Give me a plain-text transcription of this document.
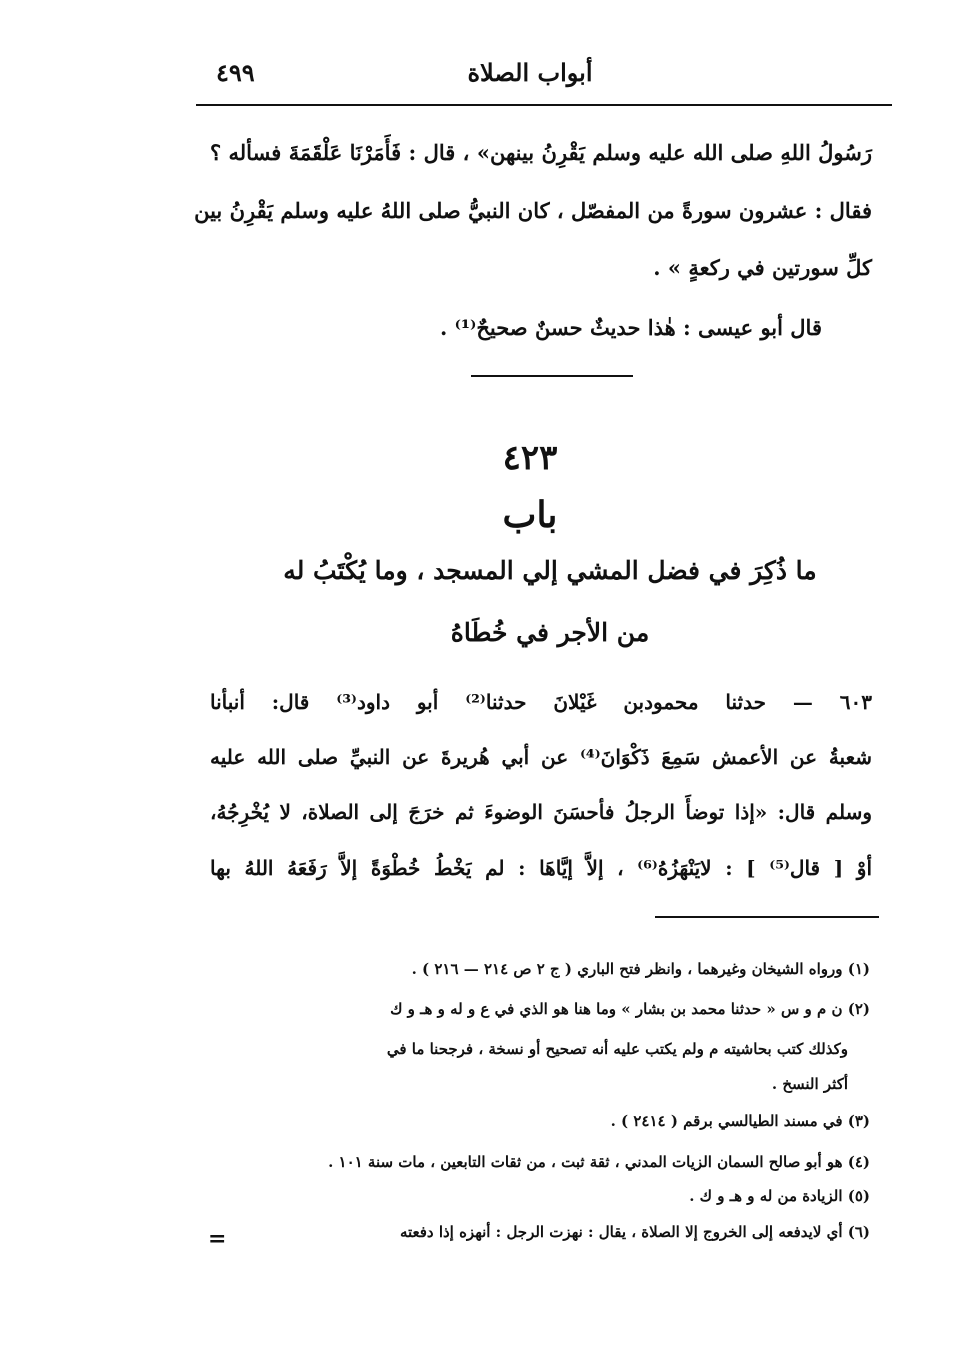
أبواب الصلاة
٤٩٩
رَسُولُ اللهِ صلى الله عليه وسلم يَقْرِنُ بينهن» ، قال : فَأَمَرْنَا عَلْقَمَةَ فسأله ؟
فقال : عشرون سورةً من المفصّل ، كان النبيُّ صلى اللهُ عليه وسلم يَقْرِنُ بين
كلِّ سورتين في ركعةٍ » .
قال أبو عيسى : هٰذا حديثٌ حسنٌ صحيحٌ⁽¹⁾ .
٤٢٣
باب
ما ذُكِرَ في فضل المشي إلي المسجد ، وما يُكْتَبُ له
من الأجر في خُطَاهُ
٦٠٣ — حدثنا محمودبن غَيْلانَ حدثنا⁽²⁾ أبو داود⁽³⁾ قال: أنبأنا
شعبةُ عن الأعمش سَمِعَ ذَكْوَانَ⁽⁴⁾ عن أبي هُريرةَ عن النبيِّ صلى الله عليه
وسلم قال: «إذا توضأَ الرجلُ فأحسَنَ الوضوءَ ثم خرَجَ إلى الصلاة، لا يُخْرِجُهُ،
أوْ [ قال⁽⁵⁾ ] : لايَنْهَزُهُ⁽⁶⁾ ، إلاَّ إيَّاهَا : لم يَخْطُ خُطْوَةً إلاَّ رَفَعَهُ اللهُ بها
(١) ورواه الشيخان وغيرهما ، وانظر فتح الباري ( ج ٢ ص ٢١٤ — ٢١٦ ) .
(٢) ن م و س « حدثنا محمد بن بشار » وما هنا هو الذي في ع و له و هـ و ك
وكذلك كتب بحاشيته م ولم يكتب عليه أنه تصحيح أو نسخة ، فرجحنا ما في
أكثر النسخ .
(٣) في مسند الطيالسي برقم ( ٢٤١٤ ) .
(٤) هو أبو صالح السمان الزيات المدني ، ثقة ثبت ، من ثقات التابعين ، مات سنة ١٠١ .
(٥) الزيادة من له و هـ و ك .
(٦) أي لايدفعه إلى الخروج إلا الصلاة ، يقال : نهزت الرجل : أنهزه إذا دفعته
=
